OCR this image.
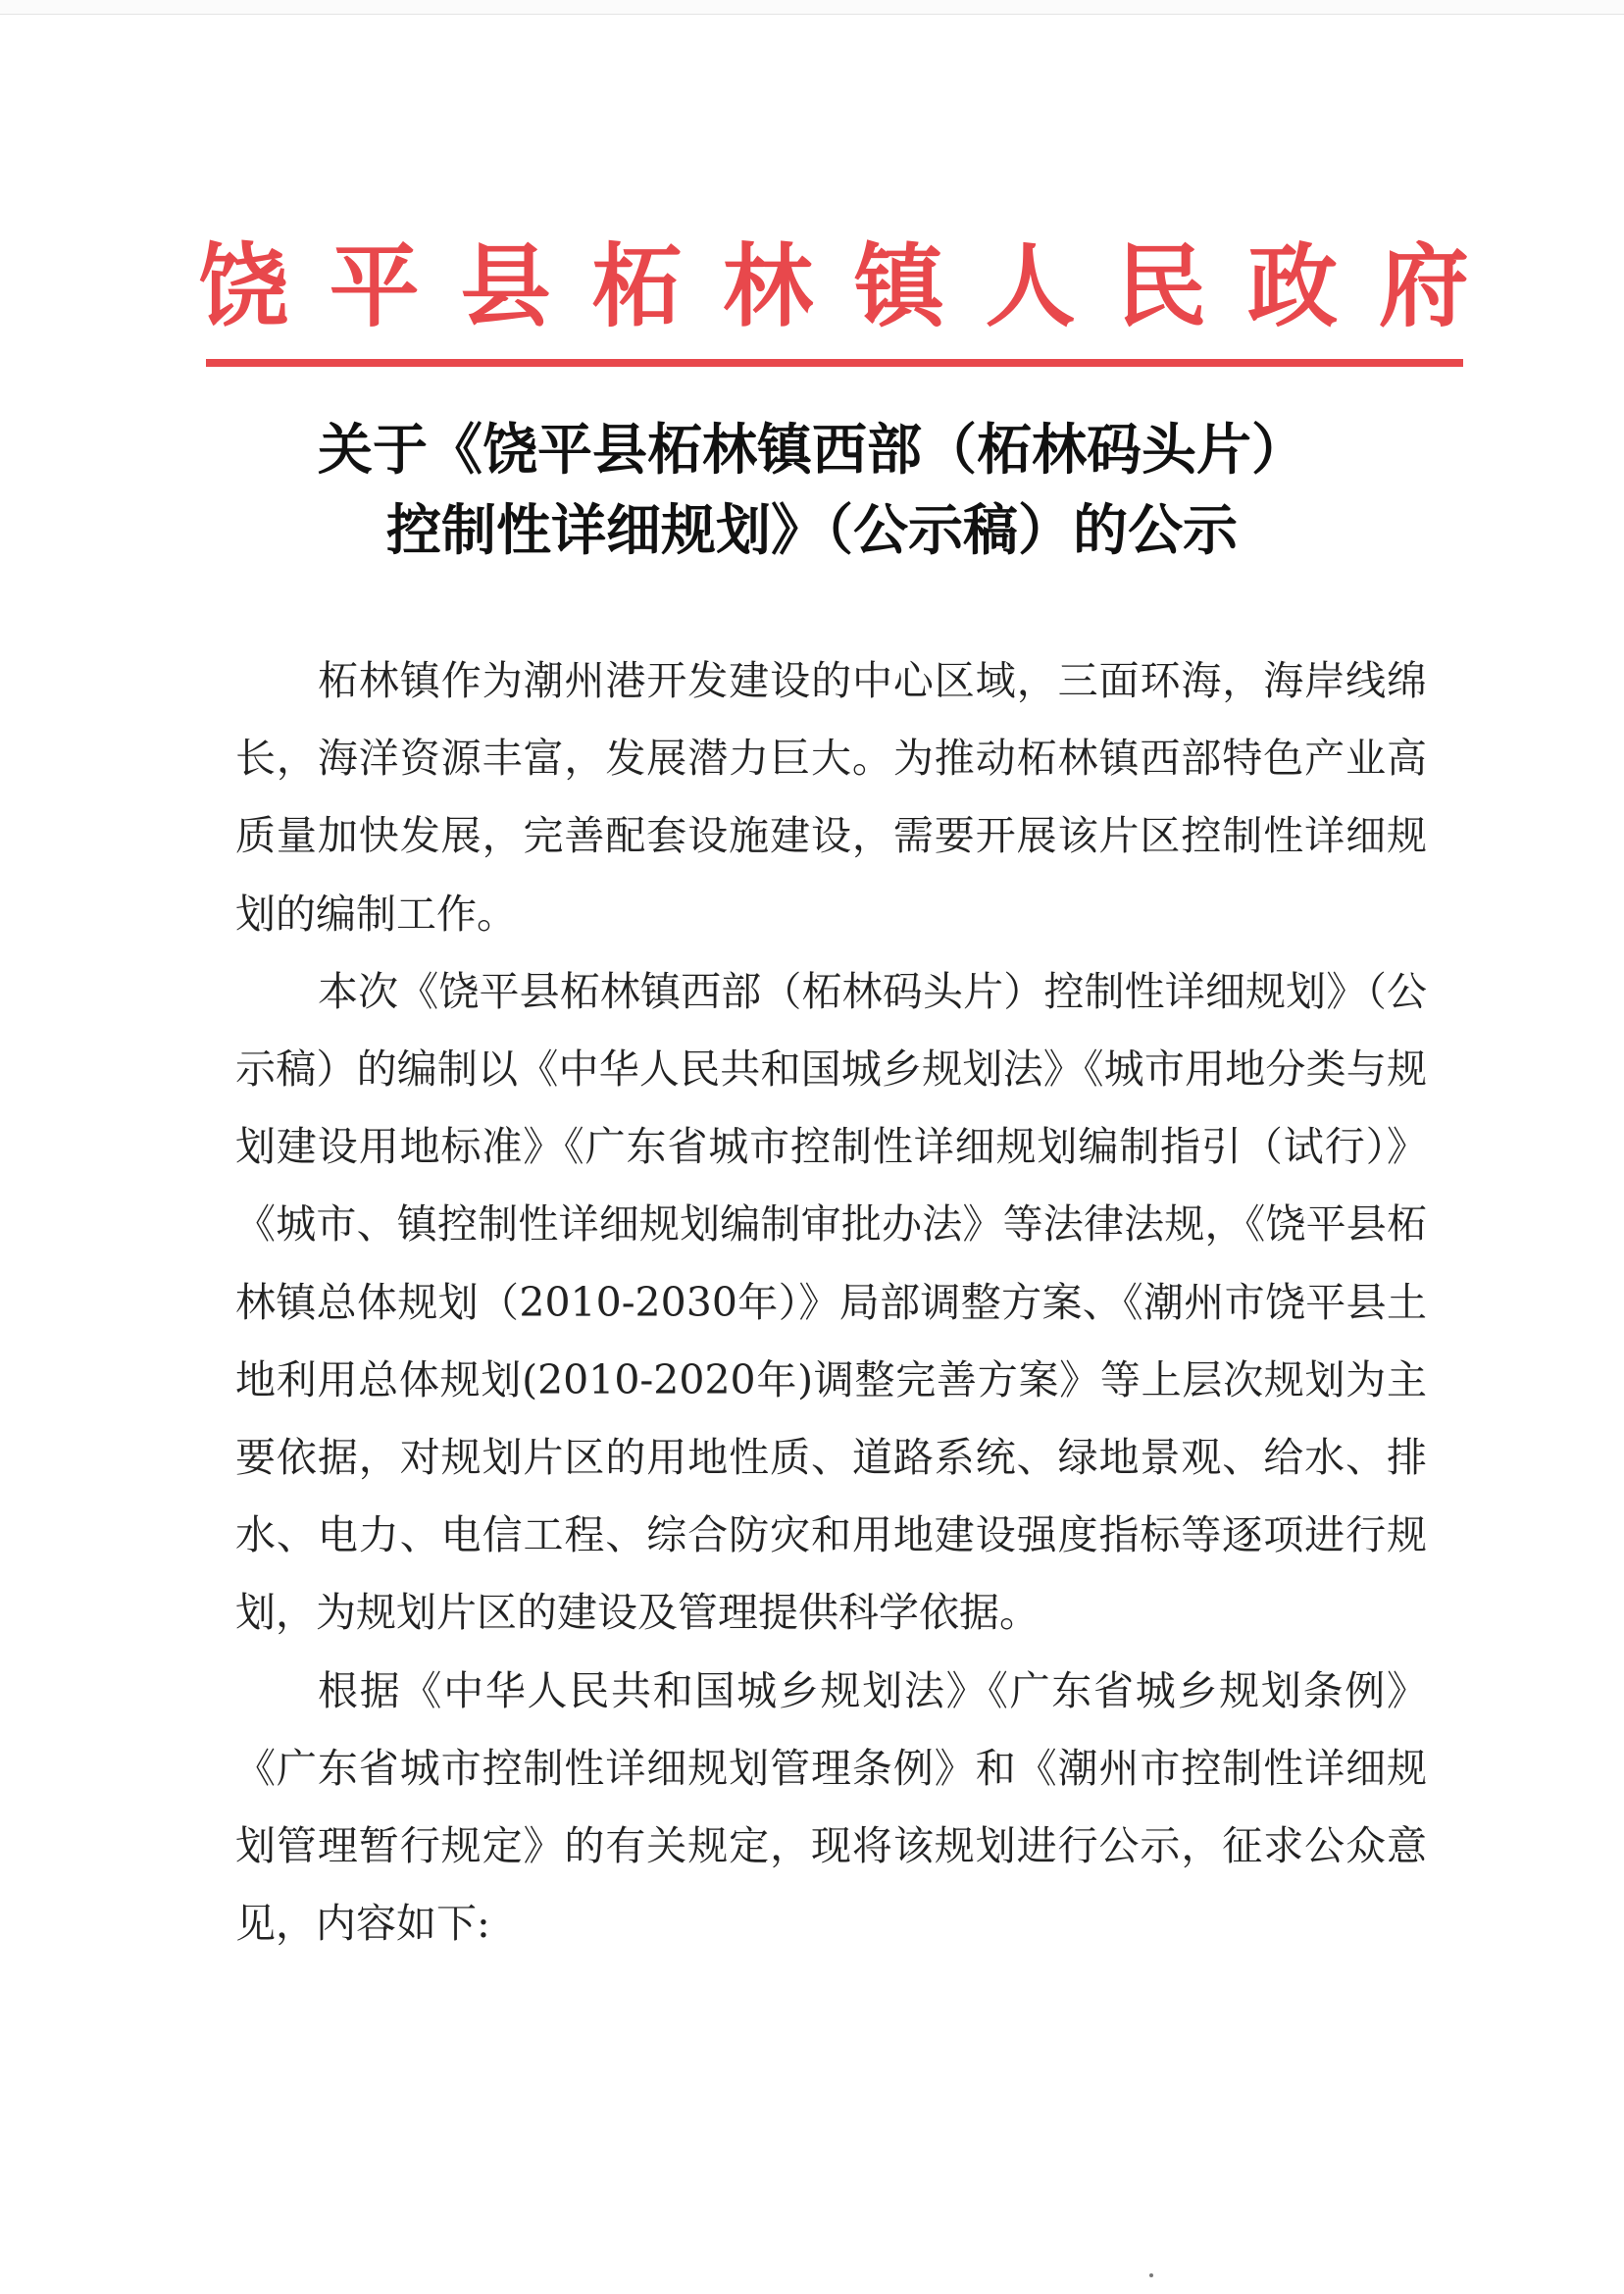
饶 平 县 柘 林 镇 人 民 政 府
关于《饶平县柘林镇西部（柘林码头片）
控制性详细规划》（公示稿）的公示

柘林镇作为潮州港开发建设的中心区域，三面环海，海岸线绵长，海洋资源丰富，发展潜力巨大。为推动柘林镇西部特色产业高质量加快发展，完善配套设施建设，需要开展该片区控制性详细规划的编制工作。

本次《饶平县柘林镇西部（柘林码头片）控制性详细规划》（公示稿）的编制以《中华人民共和国城乡规划法》《城市用地分类与规划建设用地标准》《广东省城市控制性详细规划编制指引（试行）》《城市、镇控制性详细规划编制审批办法》等法律法规，《饶平县柘林镇总体规划（2010-2030年）》局部调整方案、《潮州市饶平县土地利用总体规划(2010-2020年)调整完善方案》等上层次规划为主要依据，对规划片区的用地性质、道路系统、绿地景观、给水、排水、电力、电信工程、综合防灾和用地建设强度指标等逐项进行规划，为规划片区的建设及管理提供科学依据。

根据《中华人民共和国城乡规划法》《广东省城乡规划条例》《广东省城市控制性详细规划管理条例》和《潮州市控制性详细规划管理暂行规定》的有关规定，现将该规划进行公示，征求公众意见，内容如下:
